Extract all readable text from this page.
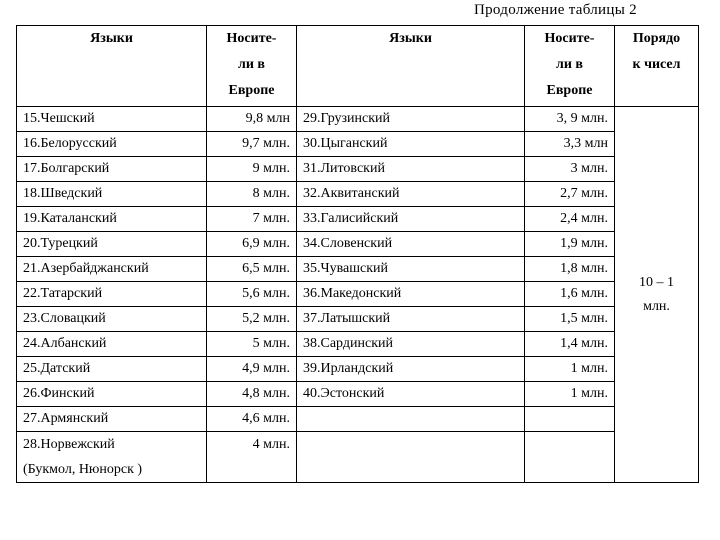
Продолжение таблицы 2
Языки	Носите-
ли в
Европе	Языки	Носите-
ли в
Европе	Порядо
к чисел

15.Чешский	9,8 млн	29.Грузинский	3, 9 млн.	10 – 1
млн.

16.Белорусский	9,7 млн.	30.Цыганский	3,3 млн	

17.Болгарский	9 млн.	31.Литовский	3 млн.	

18.Шведский	8 млн.	32.Аквитанский	2,7 млн.	

19.Каталанский	7 млн.	33.Галисийский	2,4 млн.	

20.Турецкий	6,9 млн.	34.Словенский	1,9 млн.	

21.Азербайджанский	6,5 млн.	35.Чувашский	1,8 млн.	

22.Татарский	5,6 млн.	36.Македонский	1,6 млн.	

23.Словацкий	5,2 млн.	37.Латышский	1,5 млн.	

24.Албанский	5 млн.	38.Сардинский	1,4 млн.	

25.Датский	4,9 млн.	39.Ирландский	1 млн.	

26.Финский	4,8 млн.	40.Эстонский	1 млн.	

27.Армянский	4,6 млн.			

28.Норвежский
(Букмол, Нюнорск )	4 млн.			
